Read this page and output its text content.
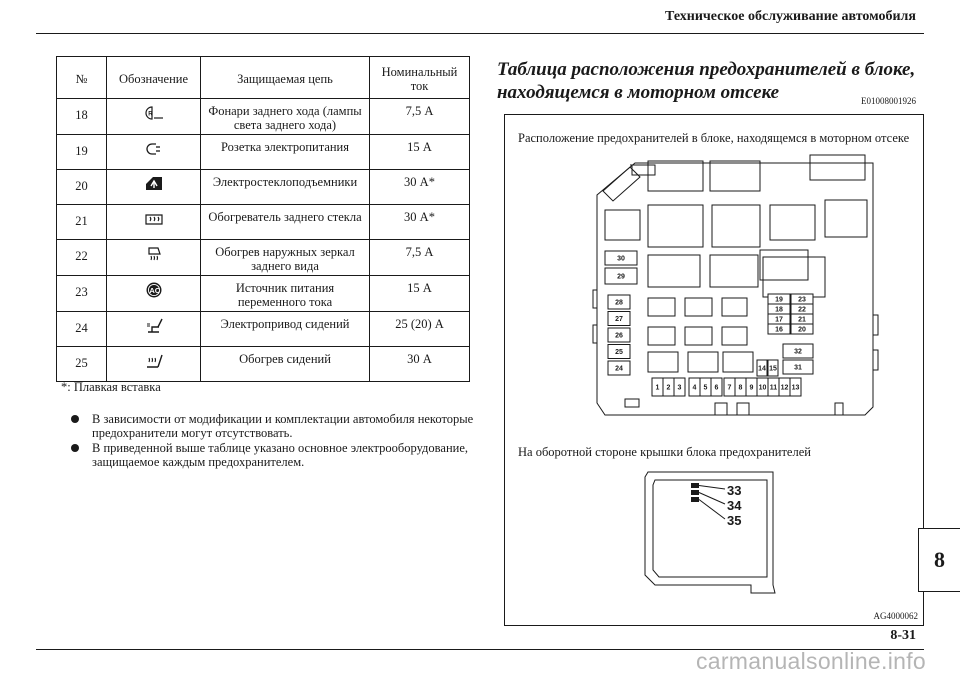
Техническое обслуживание автомобиля
№	Обозначение	Защищаемая цепь	Номинальный ток
18	R	Фонари заднего хода (лампы света заднего хода)	7,5 А
19		Розетка электропитания	15 А
20		Электростеклоподъемники	30 А*
21		Обогреватель заднего стекла	30 А*
22		Обогрев наружных зеркал заднего вида	7,5 А
23	AC	Источник питания переменного тока	15 А
24		Электропривод сидений	25 (20) А
25		Обогрев сидений	30 А
*: Плавкая вставка
В зависимости от модификации и комплектации автомобиля некоторые предохранители могут отсутствовать.
В приведенной выше таблице указано основное электрооборудование, защищаемое каждым предохранителем.
Таблица расположения предохранителей в блоке, находящемся в моторном отсеке	E01008001926
Расположение предохранителей в блоке, находящемся в моторном отсеке
На оборотной стороне крышки блока предохранителей
AG4000062
30
29
28
27
26
25
24
19 23
18 22
17 21
16 20
32
31
14 15
1 2 3 4 5 6 7 8 9 10 11 12 13
33
34
35
8
8-31
carmanualsonline.info
